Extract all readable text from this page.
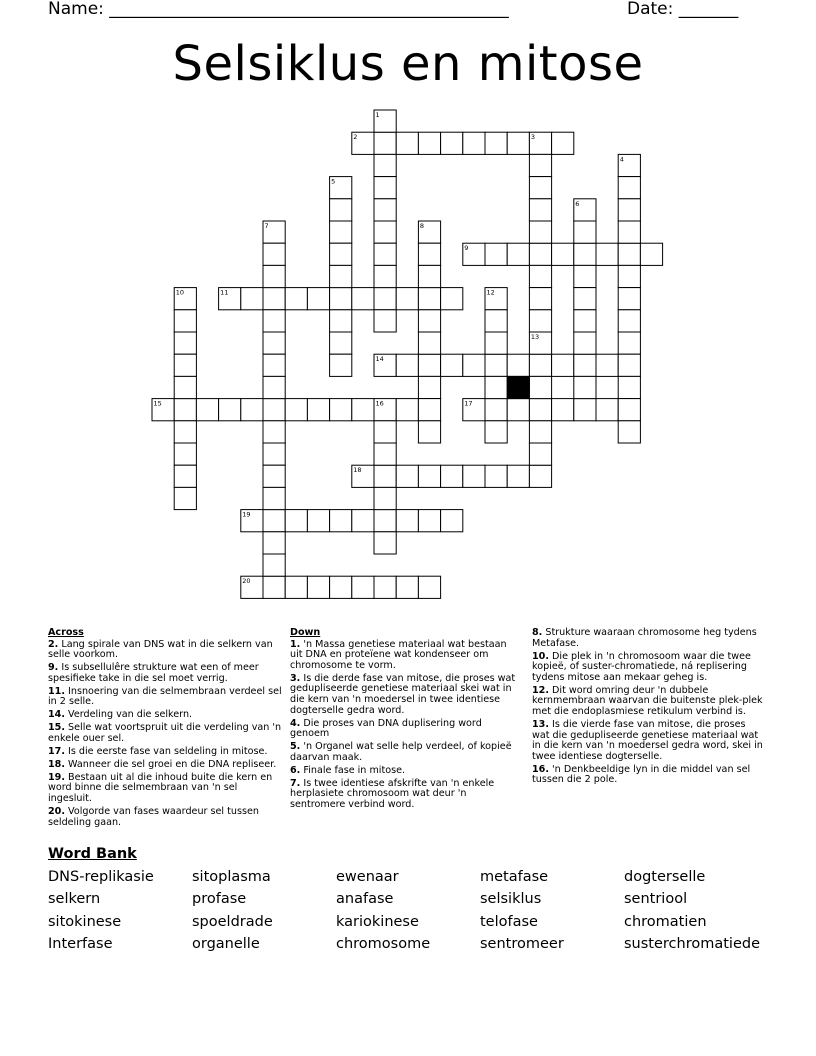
Name: _______________________________________________	Date: _______
Selsiklus en mitose
1
2	3
4
5
6
7	8
9
10	11	12
13
14
15	16	17
18
19
20
Across
2. Lang spirale van DNS wat in die selkern van selle voorkom.
9. Is subsellulêre strukture wat een of meer spesifieke take in die sel moet verrig.
11. Insnoering van die selmembraan verdeel sel in 2 selle.
14. Verdeling van die selkern.
15. Selle wat voortspruit uit die verdeling van 'n enkele ouer sel.
17. Is die eerste fase van seldeling in mitose.
18. Wanneer die sel groei en die DNA repliseer.
19. Bestaan uit al die inhoud buite die kern en word binne die selmembraan van 'n sel ingesluit.
20. Volgorde van fases waardeur sel tussen seldeling gaan.
Down
1. 'n Massa genetiese materiaal wat bestaan uit DNA en proteïene wat kondenseer om chromosome te vorm.
3. Is die derde fase van mitose, die proses wat gedupliseerde genetiese materiaal skei wat in die kern van 'n moedersel in twee identiese dogterselle gedra word.
4. Die proses van DNA duplisering word genoem
5. 'n Organel wat selle help verdeel, of kopieë daarvan maak.
6. Finale fase in mitose.
7. Is twee identiese afskrifte van 'n enkele herplasiete chromosoom wat deur 'n sentromere verbind word.
8. Strukture waaraan chromosome heg tydens Metafase.
10. Die plek in 'n chromosoom waar die twee kopieë, of suster-chromatiede, ná replisering tydens mitose aan mekaar geheg is.
12. Dit word omring deur 'n dubbele kernmembraan waarvan die buitenste plek-plek met die endoplasmiese retikulum verbind is.
13. Is die vierde fase van mitose, die proses wat die gedupliseerde genetiese materiaal wat in die kern van 'n moedersel gedra word, skei in twee identiese dogterselle.
16. 'n Denkbeeldige lyn in die middel van sel tussen die 2 pole.
Word Bank
DNS-replikasie
selkern
sitokinese
Interfase
sitoplasma
profase
spoeldrade
organelle
ewenaar
anafase
kariokinese
chromosome
metafase
selsiklus
telofase
sentromeer
dogterselle
sentriool
chromatien
susterchromatiede
